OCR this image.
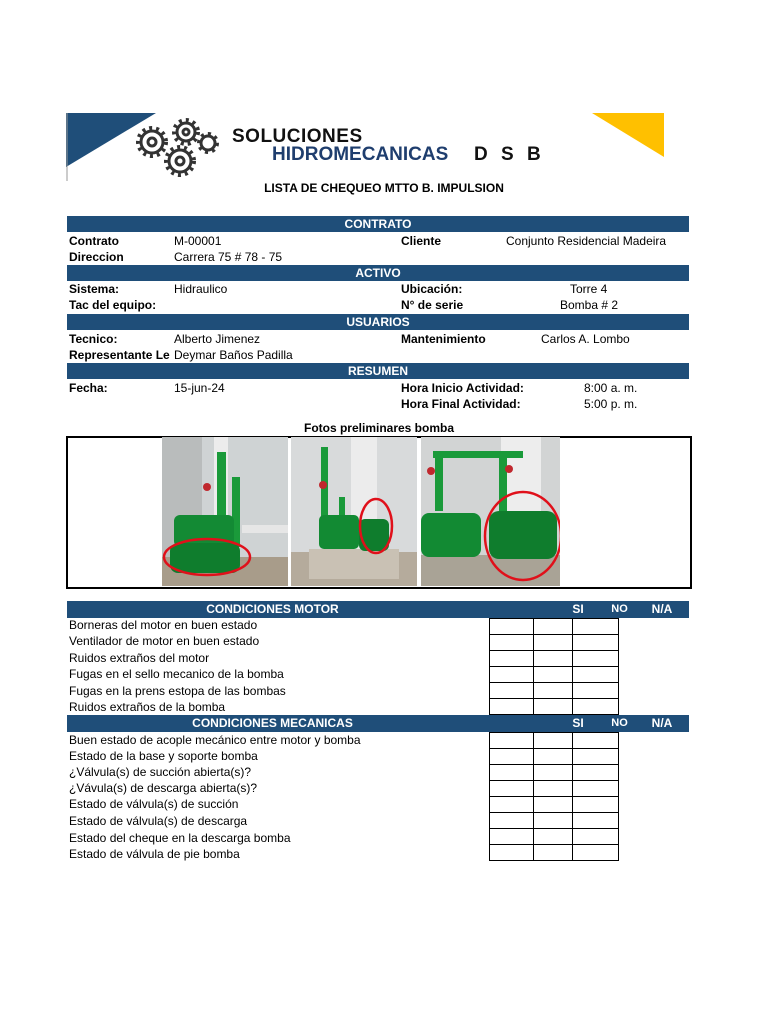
SOLUCIONES
HIDROMECANICAS D S B
LISTA DE CHEQUEO MTTO B. IMPULSION
CONTRATO
Contrato	M-00001	Cliente	Conjunto Residencial Madeira
Direccion	Carrera 75 # 78 - 75
ACTIVO
Sistema:	Hidraulico	Ubicación:	Torre 4
Tac del equipo:	N° de serie	Bomba # 2
USUARIOS
Tecnico:	Alberto Jimenez	Mantenimiento	Carlos A. Lombo
Representante Le Deymar Baños Padilla
RESUMEN
Fecha:	15-jun-24	Hora Inicio Actividad:	8:00 a. m.
Hora Final Actividad:	5:00 p. m.
Fotos preliminares bomba
CONDICIONES MOTOR	SI	NO	N/A
Borneras del motor en buen estado
Ventilador de motor en buen estado
Ruidos extraños del motor
Fugas en el sello mecanico de la bomba
Fugas en la prens estopa de las bombas
Ruidos extraños de la bomba

CONDICIONES MECANICAS	SI	NO	N/A
Buen estado de acople mecánico entre motor y bomba
Estado de la base y soporte bomba
¿Válvula(s) de succión abierta(s)?
¿Vávula(s) de descarga abierta(s)?
Estado de válvula(s) de succión
Estado de válvula(s) de descarga
Estado del cheque en la descarga bomba
Estado de válvula de pie bomba
